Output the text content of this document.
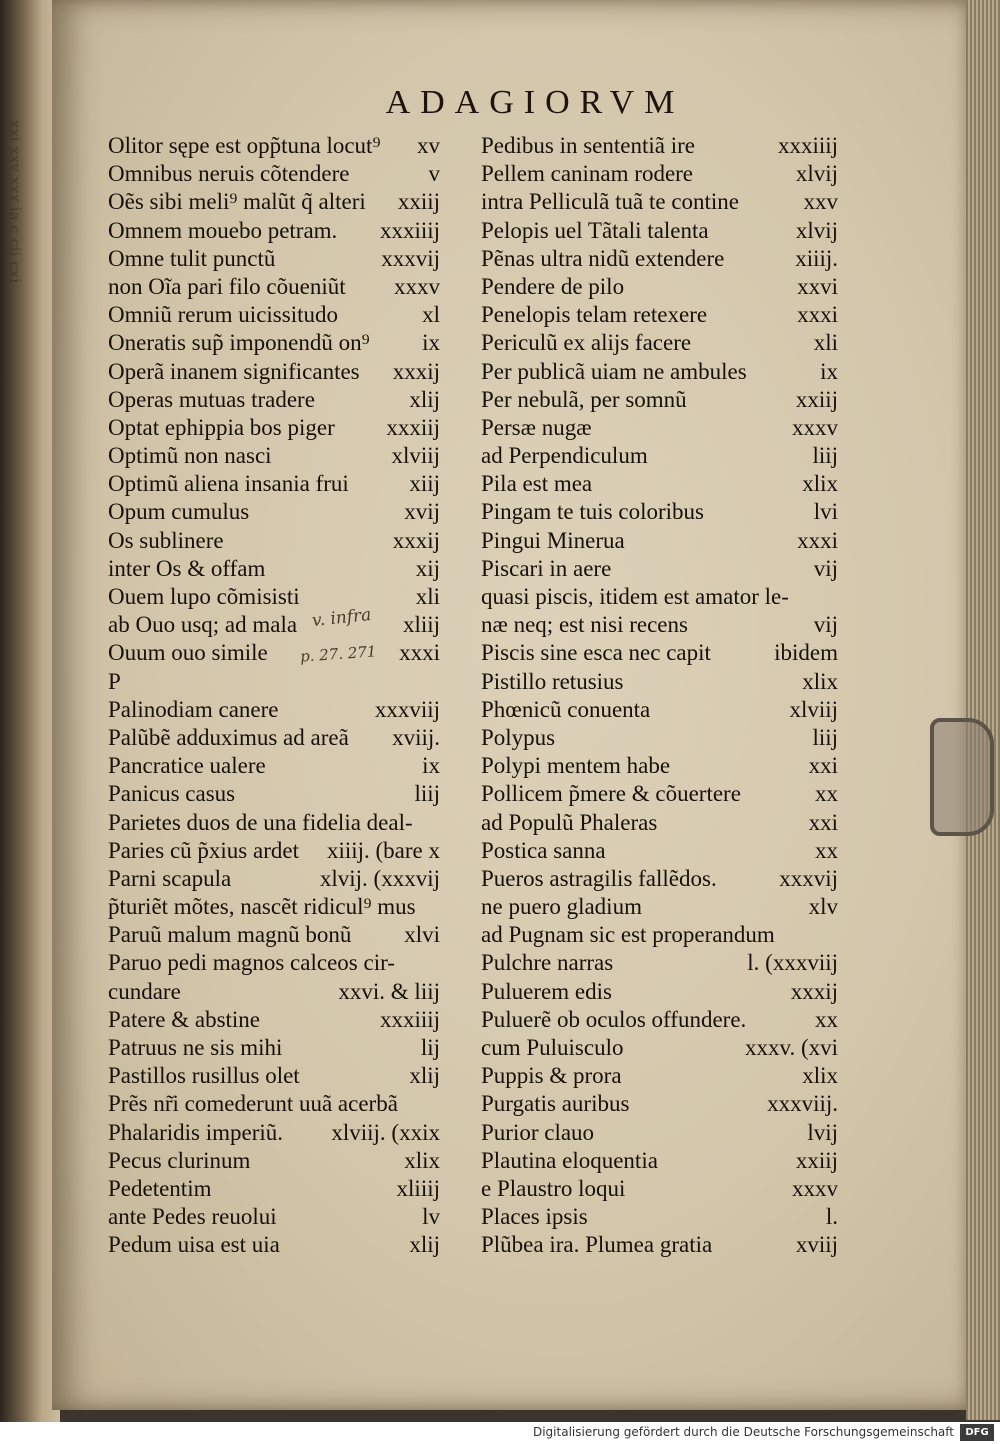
xxi xxv xxx ia c cii cxi
ADAGIORVM
Olitor sępe est opp̃tuna locut⁹ xv Pedibus in sententiã ire	xxxiiij
Omnibus neruis cõtendere	v Pellem caninam rodere	xlvij
Oẽs sibi meli⁹ malũt q̃ alteri xxiij intra Pelliculã tuã te contine	xxv
Omnem mouebo petram. xxxiiij Pelopis uel Tãtali talenta	xlvij
Omne tulit punctũ	xxxvij Pẽnas ultra nidũ extendere	xiiij.
non Oĩa pari filo cõueniũt xxxv Pendere de pilo	xxvi
Omniũ rerum uicissitudo	xl Penelopis telam retexere	xxxi
Oneratis sup̃ imponendũ on⁹ ix Periculũ ex alijs facere	xli
Operã inanem significantes xxxij Per publicã uiam ne ambules	ix
Operas mutuas tradere	xlij Per nebulã, per somnũ	xxiij
Optat ephippia bos piger xxxiij Persæ nugæ	xxxv
Optimũ non nasci	xlviij ad Perpendiculum	liij
Optimũ aliena insania frui	xiij Pila est mea	xlix
Opum cumulus	xvij Pingam te tuis coloribus	lvi
Os sublinere	xxxij Pingui Minerua	xxxi
inter Os & offam	xij Piscari in aere	vij
Ouem lupo cõmisisti	xli quasi piscis, itidem est amator le-
ab Ouo usq; ad mala	xliij næ neq; est nisi recens	vij
Ouum ouo simile	xxxi Piscis sine esca nec capit	ibidem
P	Pistillo retusius	xlix
Palinodiam canere	xxxviij Phœnicũ conuenta	xlviij
Palũbẽ adduximus ad areã xviij. Polypus	liij
Pancratice ualere	ix Polypi mentem habe	xxi
Panicus casus	liij Pollicem p̃mere & cõuertere	xx
Parietes duos de una fidelia deal-	ad Populũ Phaleras	xxi
Paries cũ p̃xius ardet xiiij. (bare x Postica sanna	xx
Parni scapula	xlvij. (xxxvij Pueros astragilis fallẽdos.	xxxvij
p̃turiẽt mõtes, nascẽt ridicul⁹ mus	ne puero gladium	xlv
Paruũ malum magnũ bonũ xlvi ad Pugnam sic est properandum
Paruo pedi magnos calceos cir-	Pulchre narras	l. (xxxviij
cundare	xxvi. & liij Puluerem edis	xxxij
Patere & abstine	xxxiiij Puluerẽ ob oculos offundere.	xx
Patruus ne sis mihi	lij cum Puluisculo	xxxv. (xvi
Pastillos rusillus olet	xlij Puppis & prora	xlix
Prẽs nr̃i comederunt uuã acerbã	Purgatis auribus	xxxviij.
Phalaridis imperiũ. xlviij. (xxix Purior clauo	lvij
Pecus clurinum	xlix Plautina eloquentia	xxiij
Pedetentim	xliiij e Plaustro loqui	xxxv
ante Pedes reuolui	lv Places ipsis	l.
Pedum uisa est uia	xlij Plũbea ira. Plumea gratia	xviij
v. infra
p. 27. 271
Digitalisierung gefördert durch die Deutsche Forschungsgemeinschaft	DFG
